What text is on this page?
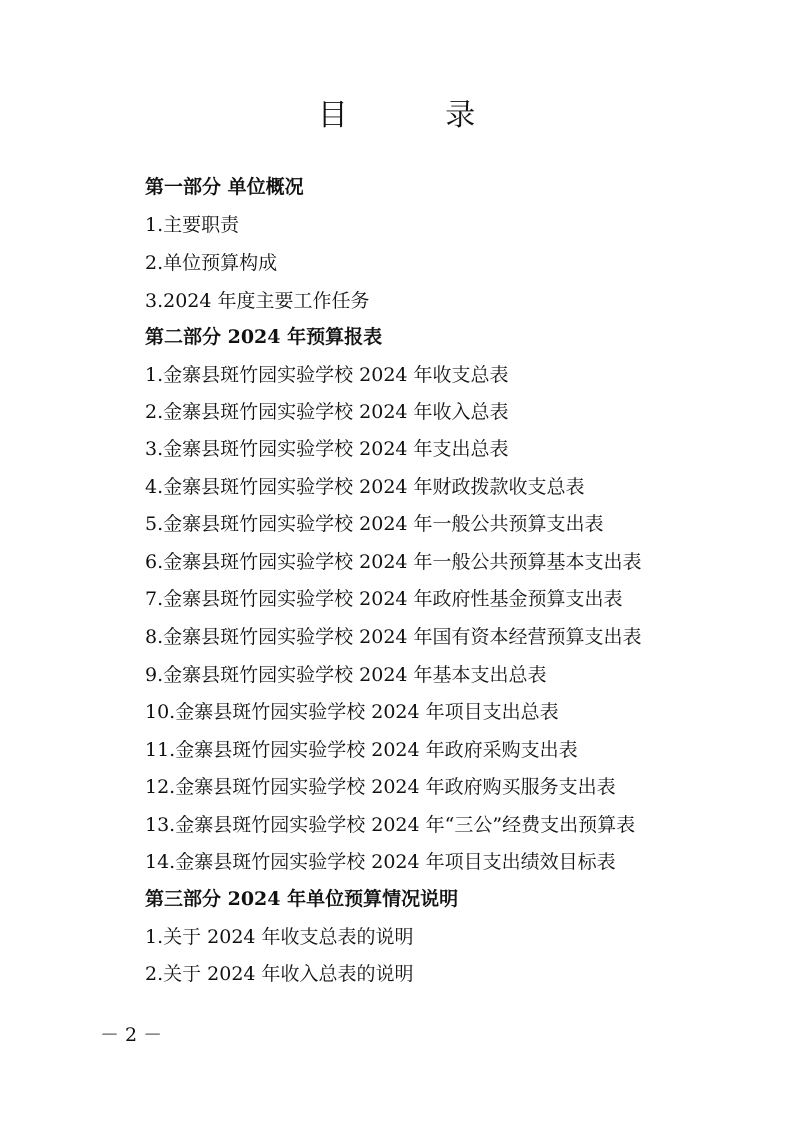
目 录
第一部分 单位概况
1.主要职责
2.单位预算构成
3.2024 年度主要工作任务
第二部分 2024 年预算报表
1.金寨县斑竹园实验学校 2024 年收支总表
2.金寨县斑竹园实验学校 2024 年收入总表
3.金寨县斑竹园实验学校 2024 年支出总表
4.金寨县斑竹园实验学校 2024 年财政拨款收支总表
5.金寨县斑竹园实验学校 2024 年一般公共预算支出表
6.金寨县斑竹园实验学校 2024 年一般公共预算基本支出表
7.金寨县斑竹园实验学校 2024 年政府性基金预算支出表
8.金寨县斑竹园实验学校 2024 年国有资本经营预算支出表
9.金寨县斑竹园实验学校 2024 年基本支出总表
10.金寨县斑竹园实验学校 2024 年项目支出总表
11.金寨县斑竹园实验学校 2024 年政府采购支出表
12.金寨县斑竹园实验学校 2024 年政府购买服务支出表
13.金寨县斑竹园实验学校 2024 年“三公”经费支出预算表
14.金寨县斑竹园实验学校 2024 年项目支出绩效目标表
第三部分 2024 年单位预算情况说明
1.关于 2024 年收支总表的说明
2.关于 2024 年收入总表的说明
－ 2 －
